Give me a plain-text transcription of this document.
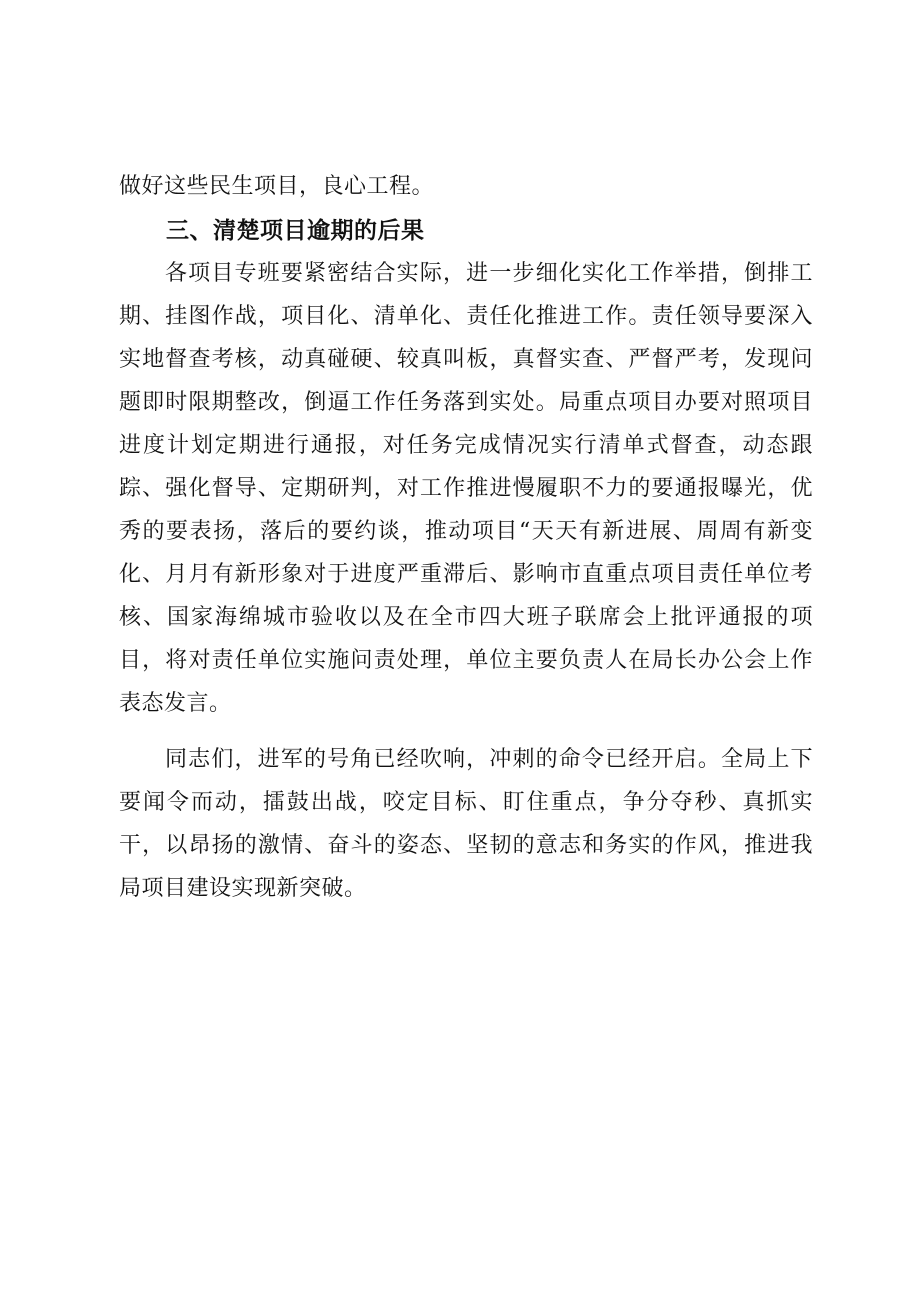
做好这些民生项目，良心工程。

三、清楚项目逾期的后果

各项目专班要紧密结合实际，进一步细化实化工作举措，倒排工期、挂图作战，项目化、清单化、责任化推进工作。责任领导要深入实地督查考核，动真碰硬、较真叫板，真督实查、严督严考，发现问题即时限期整改，倒逼工作任务落到实处。局重点项目办要对照项目进度计划定期进行通报，对任务完成情况实行清单式督查，动态跟踪、强化督导、定期研判，对工作推进慢履职不力的要通报曝光，优秀的要表扬，落后的要约谈，推动项目“天天有新进展、周周有新变化、月月有新形象对于进度严重滞后、影响市直重点项目责任单位考核、国家海绵城市验收以及在全市四大班子联席会上批评通报的项目，将对责任单位实施问责处理，单位主要负责人在局长办公会上作表态发言。

同志们，进军的号角已经吹响，冲刺的命令已经开启。全局上下要闻令而动，擂鼓出战，咬定目标、盯住重点，争分夺秒、真抓实干，以昂扬的激情、奋斗的姿态、坚韧的意志和务实的作风，推进我局项目建设实现新突破。
